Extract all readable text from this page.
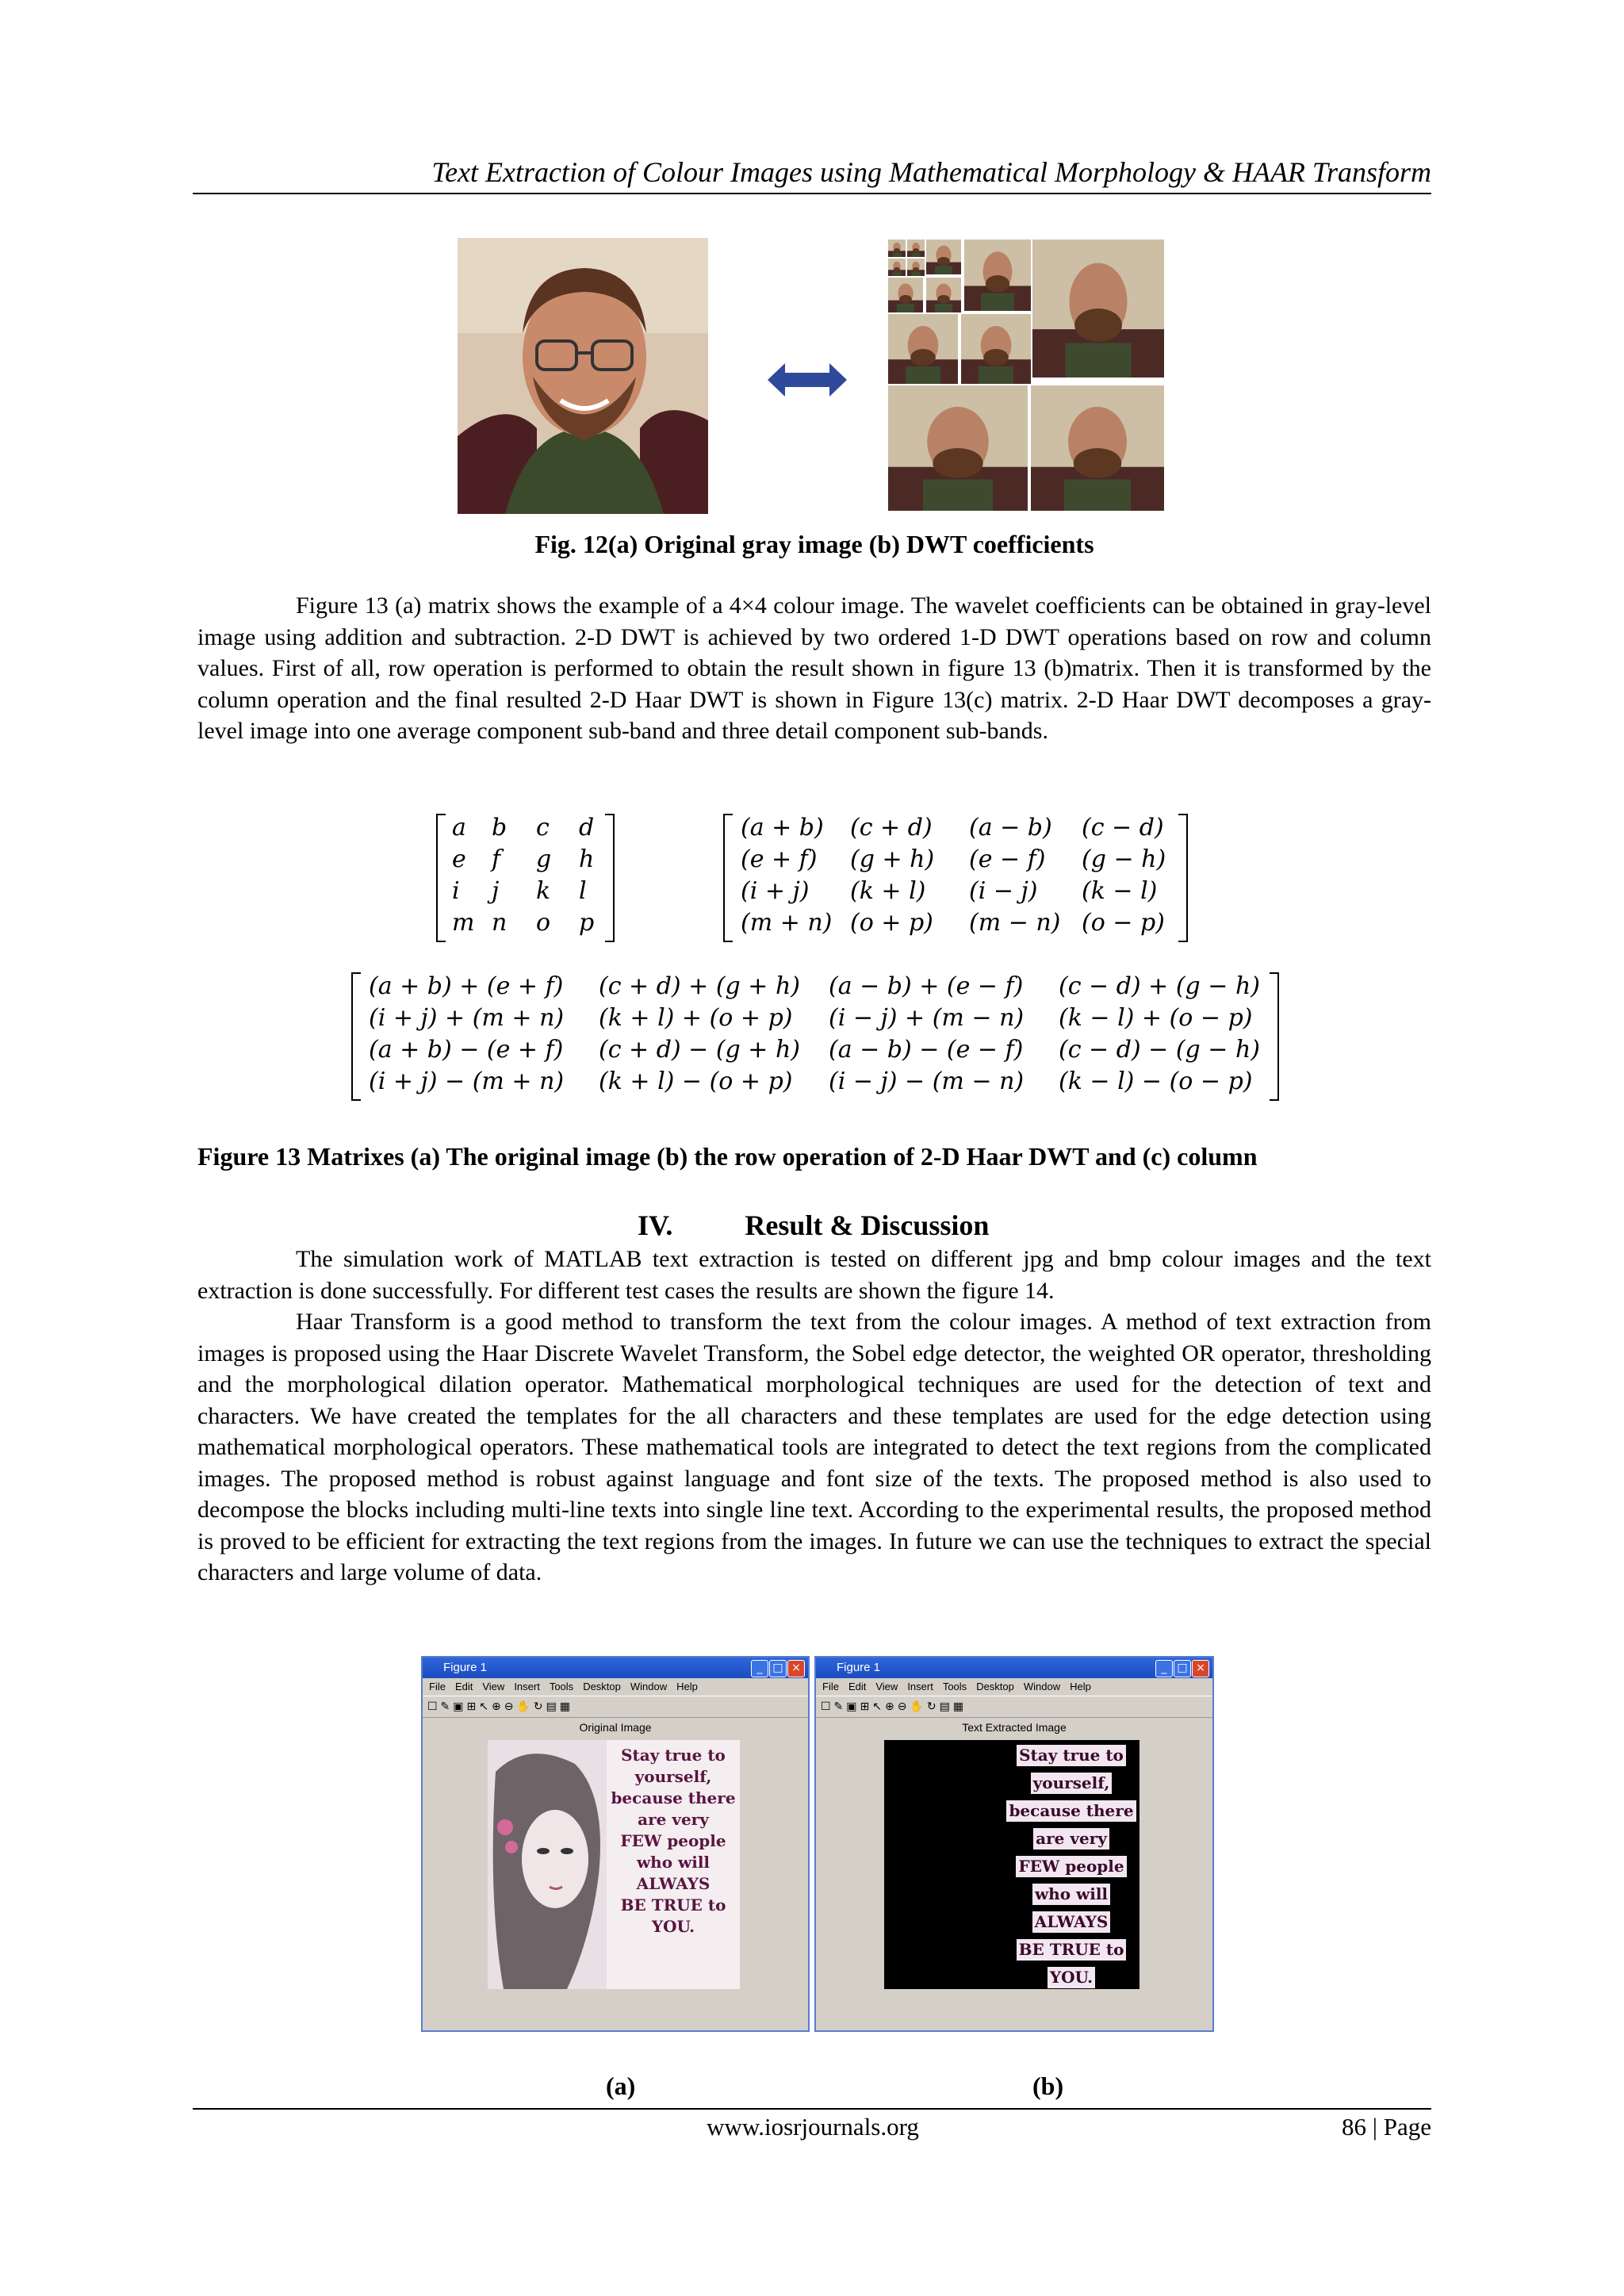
Text Extraction of Colour Images using Mathematical Morphology & HAAR Transform
Fig. 12(a) Original gray image (b) DWT coefficients

Figure 13 (a) matrix shows the example of a 4×4 colour image. The wavelet coefficients can be obtained in gray-level image using addition and subtraction. 2-D DWT is achieved by two ordered 1-D DWT operations based on row and column values. First of all, row operation is performed to obtain the result shown in figure 13 (b)matrix. Then it is transformed by the column operation and the final resulted 2-D Haar DWT is shown in Figure 13(c) matrix. 2-D Haar DWT decomposes a gray-level image into one average component sub-band and three detail component sub-bands.

a b c d
e f g h
i j k l
m n o p
(a + b) (c + d) (a − b) (c − d)
(e + f) (g + h) (e − f) (g − h)
(i + j) (k + l) (i − j) (k − l)
(m + n) (o + p) (m − n) (o − p)
(a + b) + (e + f) (c + d) + (g + h) (a − b) + (e − f) (c − d) + (g − h)
(i + j) + (m + n) (k + l) + (o + p) (i − j) + (m − n) (k − l) + (o − p)
(a + b) − (e + f) (c + d) − (g + h) (a − b) − (e − f) (c − d) − (g − h)
(i + j) − (m + n) (k + l) − (o + p) (i − j) − (m − n) (k − l) − (o − p)
Figure 13 Matrixes (a) The original image (b) the row operation of 2-D Haar DWT and (c) column
IV.	Result & Discussion

The simulation work of MATLAB text extraction is tested on different jpg and bmp colour images and the text extraction is done successfully. For different test cases the results are shown the figure 14.

Haar Transform is a good method to transform the text from the colour images. A method of text extraction from images is proposed using the Haar Discrete Wavelet Transform, the Sobel edge detector, the weighted OR operator, thresholding and the morphological dilation operator. Mathematical morphological techniques are used for the detection of text and characters. We have created the templates for the all characters and these templates are used for the edge detection using mathematical morphological operators. These mathematical tools are integrated to detect the text regions from the complicated images. The proposed method is robust against language and font size of the texts. The proposed method is also used to decompose the blocks including multi-line texts into single line text. According to the experimental results, the proposed method is proved to be efficient for extracting the text regions from the images. In future we can use the techniques to extract the special characters and large volume of data.

Figure 1	_ □ ×
File Edit View Insert Tools Desktop Window Help
☐✎▣⊞↖⊕⊖✋↻▤▦
Original Image
Stay true to
yourself,
because there
are very
FEW people
who will
ALWAYS
BE TRUE to
YOU.
Figure 1	_ □ ×
File Edit View Insert Tools Desktop Window Help
☐✎▣⊞↖⊕⊖✋↻▤▦
Text Extracted Image
Stay true to
yourself,
because there
are very
FEW people
who will
ALWAYS
BE TRUE to
YOU.
(a)	(b)
www.iosrjournals.org	86 | Page
